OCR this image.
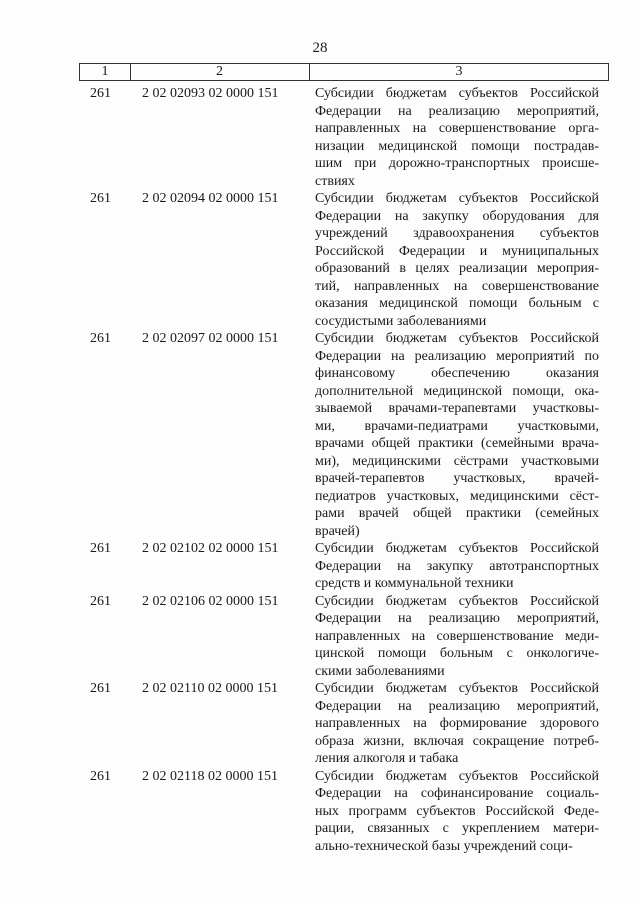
28
1	2	3
261	2 02 02093 02 0000 151	Субсидии бюджетам субъектов Российской
Федерации на реализацию мероприятий,
направленных на совершенствование орга-
низации медицинской помощи пострадав-
шим при дорожно-транспортных происше-
ствиях
261	2 02 02094 02 0000 151	Субсидии бюджетам субъектов Российской
Федерации на закупку оборудования для
учреждений здравоохранения субъектов
Российской Федерации и муниципальных
образований в целях реализации мероприя-
тий, направленных на совершенствование
оказания медицинской помощи больным с
сосудистыми заболеваниями
261	2 02 02097 02 0000 151	Субсидии бюджетам субъектов Российской
Федерации на реализацию мероприятий по
финансовому обеспечению оказания
дополнительной медицинской помощи, ока-
зываемой врачами-терапевтами участковы-
ми, врачами-педиатрами участковыми,
врачами общей практики (семейными врача-
ми), медицинскими сёстрами участковыми
врачей-терапевтов участковых, врачей-
педиатров участковых, медицинскими сёст-
рами врачей общей практики (семейных
врачей)
261	2 02 02102 02 0000 151	Субсидии бюджетам субъектов Российской
Федерации на закупку автотранспортных
средств и коммунальной техники
261	2 02 02106 02 0000 151	Субсидии бюджетам субъектов Российской
Федерации на реализацию мероприятий,
направленных на совершенствование меди-
цинской помощи больным с онкологиче-
скими заболеваниями
261	2 02 02110 02 0000 151	Субсидии бюджетам субъектов Российской
Федерации на реализацию мероприятий,
направленных на формирование здорового
образа жизни, включая сокращение потреб-
ления алкоголя и табака
261	2 02 02118 02 0000 151	Субсидии бюджетам субъектов Российской
Федерации на софинансирование социаль-
ных программ субъектов Российской Феде-
рации, связанных с укреплением матери-
ально-технической базы учреждений соци-
